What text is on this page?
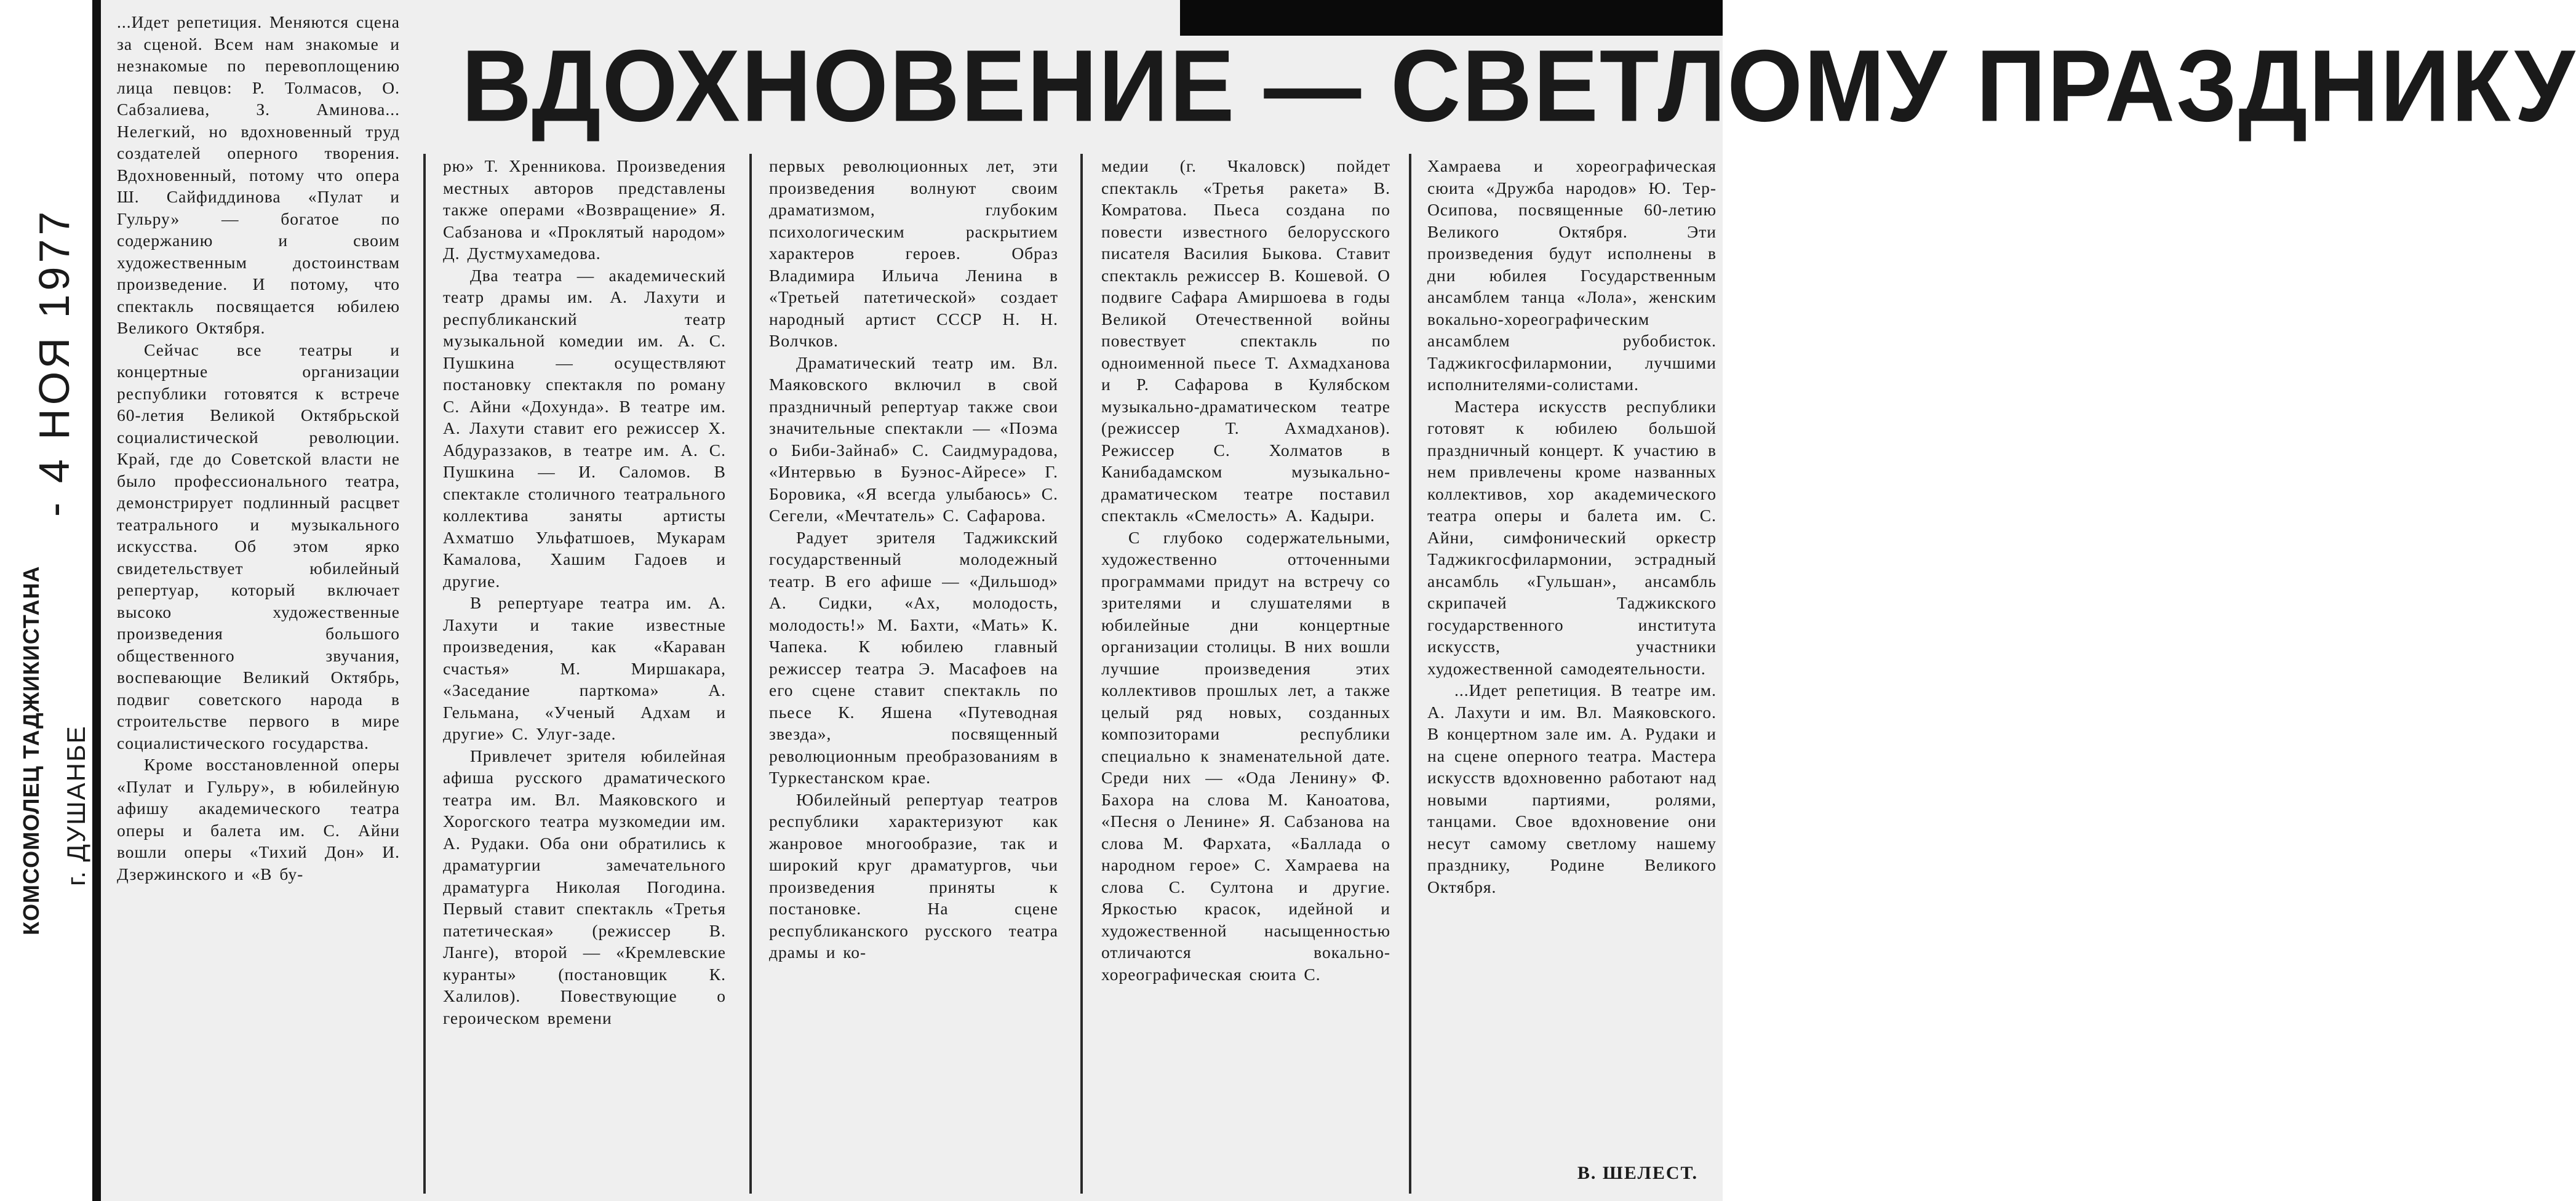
- 4 НОЯ 1977
КОМСОМОЛЕЦ ТАДЖИКИСТАНА г. ДУШАНБЕ
ВДОХНОВЕНИЕ — СВЕТЛОМУ ПРАЗДНИКУ

...Идет репетиция. Меняются сцена за сценой. Всем нам знакомые и незнакомые по перевоплощению лица певцов: Р. Толмасов, О. Сабзалиева, З. Аминова... Нелегкий, но вдохновенный труд создателей оперного творения. Вдохновенный, потому что опера Ш. Сайфиддинова «Пулат и Гульру» — богатое по содержанию и своим художественным достоинствам произведение. И потому, что спектакль посвящается юбилею Великого Октября.

Сейчас все театры и концертные организации республики готовятся к встрече 60-летия Великой Октябрьской социалистической революции. Край, где до Советской власти не было профессионального театра, демонстрирует подлинный расцвет театрального и музыкального искусства. Об этом ярко свидетельствует юбилейный репертуар, который включает высоко художественные произведения большого общественного звучания, воспевающие Великий Октябрь, подвиг советского народа в строительстве первого в мире социалистического государства.

Кроме восстановленной оперы «Пулат и Гульру», в юбилейную афишу академического театра оперы и балета им. С. Айни вошли оперы «Тихий Дон» И. Дзержинского и «В бу-

рю» Т. Хренникова. Произведения местных авторов представлены также операми «Возвращение» Я. Сабзанова и «Проклятый народом» Д. Дустмухамедова.

Два театра — академический театр драмы им. А. Лахути и республиканский театр музыкальной комедии им. А. С. Пушкина — осуществляют постановку спектакля по роману С. Айни «Дохунда». В театре им. А. Лахути ставит его режиссер Х. Абдураззаков, в театре им. А. С. Пушкина — И. Саломов. В спектакле столичного театрального коллектива заняты артисты Ахматшо Ульфатшоев, Мукарам Камалова, Хашим Гадоев и другие.

В репертуаре театра им. А. Лахути и такие известные произведения, как «Караван счастья» М. Миршакара, «Заседание парткома» А. Гельмана, «Ученый Адхам и другие» С. Улуг-заде.

Привлечет зрителя юбилейная афиша русского драматического театра им. Вл. Маяковского и Хорогского театра музкомедии им. А. Рудаки. Оба они обратились к драматургии замечательного драматурга Николая Погодина. Первый ставит спектакль «Третья патетическая» (режиссер В. Ланге), второй — «Кремлевские куранты» (постановщик К. Халилов). Повествующие о героическом времени

первых революционных лет, эти произведения волнуют своим драматизмом, глубоким психологическим раскрытием характеров героев. Образ Владимира Ильича Ленина в «Третьей патетической» создает народный артист СССР Н. Н. Волчков.

Драматический театр им. Вл. Маяковского включил в свой праздничный репертуар также свои значительные спектакли — «Поэма о Биби-Зайнаб» С. Саидмурадова, «Интервью в Буэнос-Айресе» Г. Боровика, «Я всегда улыбаюсь» С. Сегели, «Мечтатель» С. Сафарова.

Радует зрителя Таджикский государственный молодежный театр. В его афише — «Дильшод» А. Сидки, «Ах, молодость, молодость!» М. Бахти, «Мать» К. Чапека. К юбилею главный режиссер театра Э. Масафоев на его сцене ставит спектакль по пьесе К. Яшена «Путеводная звезда», посвященный революционным преобразованиям в Туркестанском крае.

Юбилейный репертуар театров республики характеризуют как жанровое многообразие, так и широкий круг драматургов, чьи произведения приняты к постановке. На сцене республиканского русского театра драмы и ко-

медии (г. Чкаловск) пойдет спектакль «Третья ракета» В. Комратова. Пьеса создана по повести известного белорусского писателя Василия Быкова. Ставит спектакль режиссер В. Кошевой. О подвиге Сафара Амиршоева в годы Великой Отечественной войны повествует спектакль по одноименной пьесе Т. Ахмадханова и Р. Сафарова в Кулябском музыкально-драматическом театре (режиссер Т. Ахмадханов). Режиссер С. Холматов в Канибадамском музыкально-драматическом театре поставил спектакль «Смелость» А. Кадыри.

С глубоко содержательными, художественно отточенными программами придут на встречу со зрителями и слушателями в юбилейные дни концертные организации столицы. В них вошли лучшие произведения этих коллективов прошлых лет, а также целый ряд новых, созданных композиторами республики специально к знаменательной дате. Среди них — «Ода Ленину» Ф. Бахора на слова М. Каноатова, «Песня о Ленине» Я. Сабзанова на слова М. Фархата, «Баллада о народном герое» С. Хамраева на слова С. Султона и другие. Яркостью красок, идейной и художественной насыщенностью отличаются вокально-хореографическая сюита С.

Хамраева и хореографическая сюита «Дружба народов» Ю. Тер-Осипова, посвященные 60-летию Великого Октября. Эти произведения будут исполнены в дни юбилея Государственным ансамблем танца «Лола», женским вокально-хореографическим ансамблем рубобисток. Таджикгосфилармонии, лучшими исполнителями-солистами.

Мастера искусств республики готовят к юбилею большой праздничный концерт. К участию в нем привлечены кроме названных коллективов, хор академического театра оперы и балета им. С. Айни, симфонический оркестр Таджикгосфилармонии, эстрадный ансамбль «Гульшан», ансамбль скрипачей Таджикского государственного института искусств, участники художественной самодеятельности.

...Идет репетиция. В театре им. А. Лахути и им. Вл. Маяковского. В концертном зале им. А. Рудаки и на сцене оперного театра. Мастера искусств вдохновенно работают над новыми партиями, ролями, танцами. Свое вдохновение они несут самому светлому нашему празднику, Родине Великого Октября.

В. ШЕЛЕСТ.
